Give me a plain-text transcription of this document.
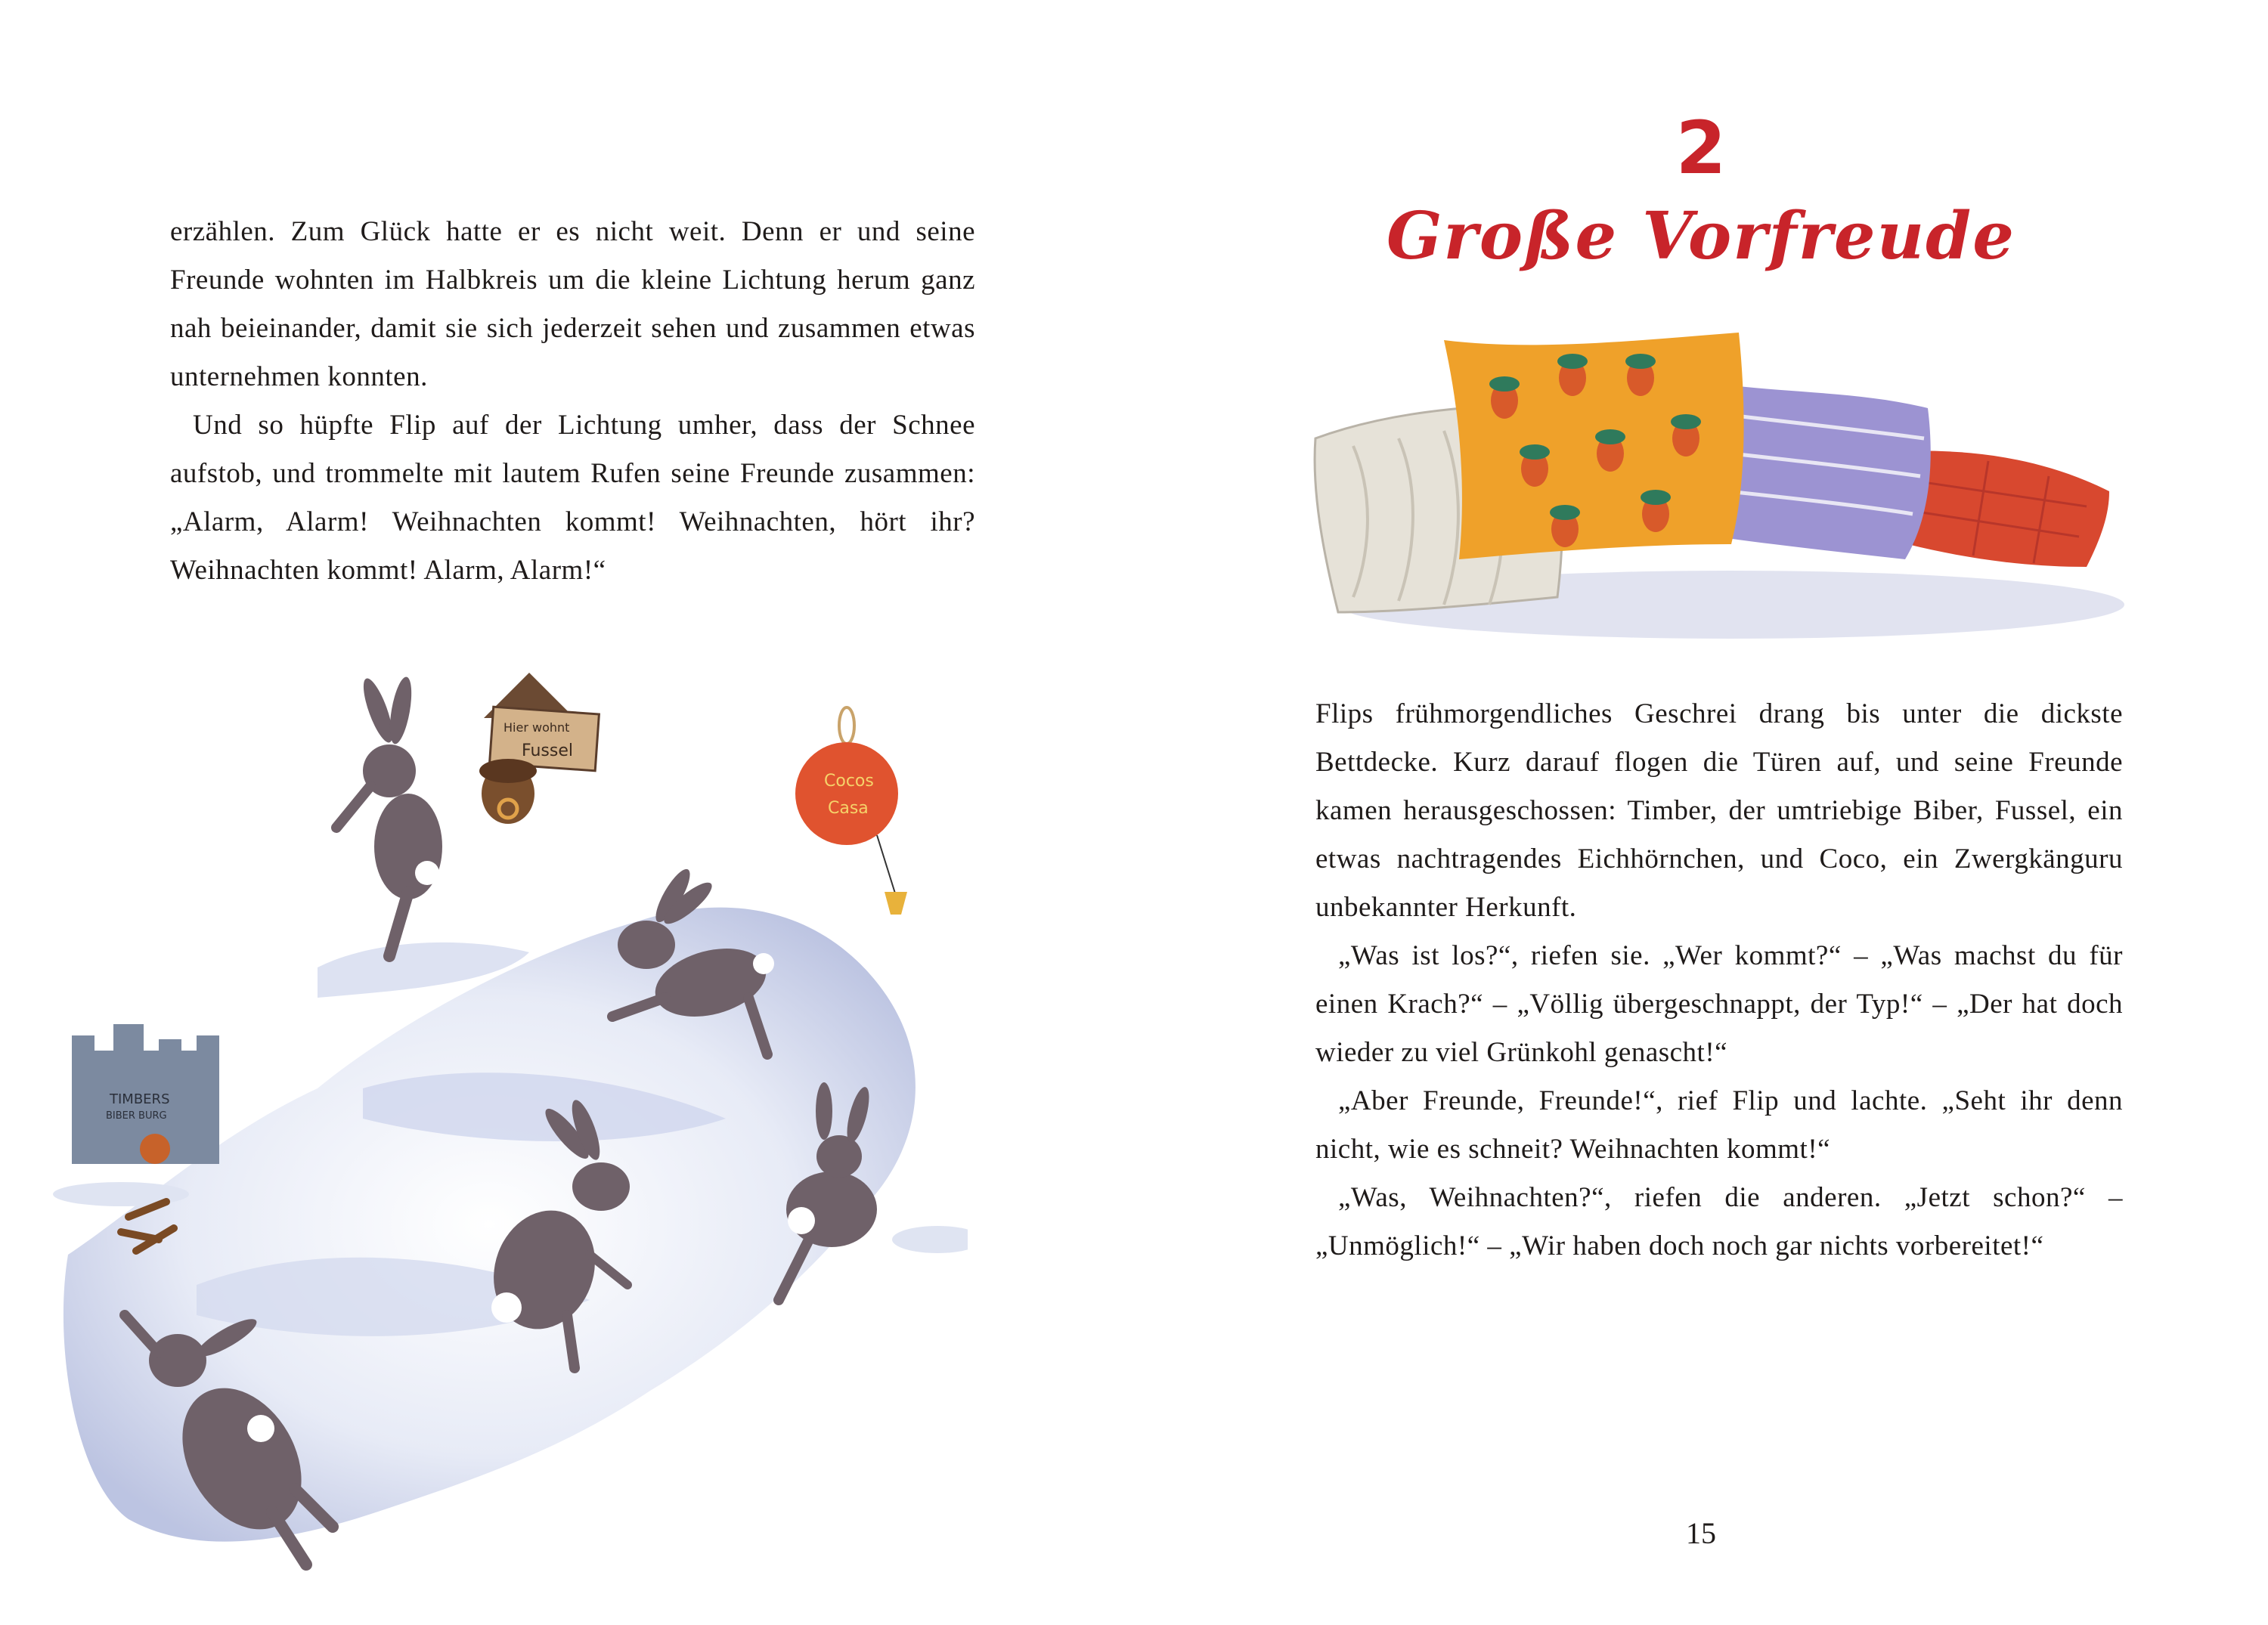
erzählen. Zum Glück hatte er es nicht weit. Denn er und seine Freunde wohnten im Halbkreis um die kleine Lichtung herum ganz nah beieinander, damit sie sich jederzeit sehen und zusammen etwas unternehmen konnten.

Und so hüpfte Flip auf der Lichtung umher, dass der Schnee aufstob, und trommelte mit lautem Rufen seine Freunde zusammen: „Alarm, Alarm! Weihnachten kommt! Weihnachten, hört ihr? Weihnachten kommt! Alarm, Alarm!“

Hier wohnt
Fussel
Cocos
Casa
TIMBERS
BIBER BURG
2
Große Vorfreude

Flips frühmorgendliches Geschrei drang bis unter die dickste Bettdecke. Kurz darauf flogen die Türen auf, und seine Freunde kamen herausgeschossen: Timber, der umtriebige Biber, Fussel, ein etwas nachtragendes Eichhörnchen, und Coco, ein Zwergkänguru unbekannter Herkunft.

„Was ist los?“, riefen sie. „Wer kommt?“ – „Was machst du für einen Krach?“ – „Völlig übergeschnappt, der Typ!“ – „Der hat doch wieder zu viel Grünkohl genascht!“

„Aber Freunde, Freunde!“, rief Flip und lachte. „Seht ihr denn nicht, wie es schneit? Weihnachten kommt!“

„Was, Weihnachten?“, riefen die anderen. „Jetzt schon?“ – „Unmöglich!“ – „Wir haben doch noch gar nichts vorbereitet!“

15
